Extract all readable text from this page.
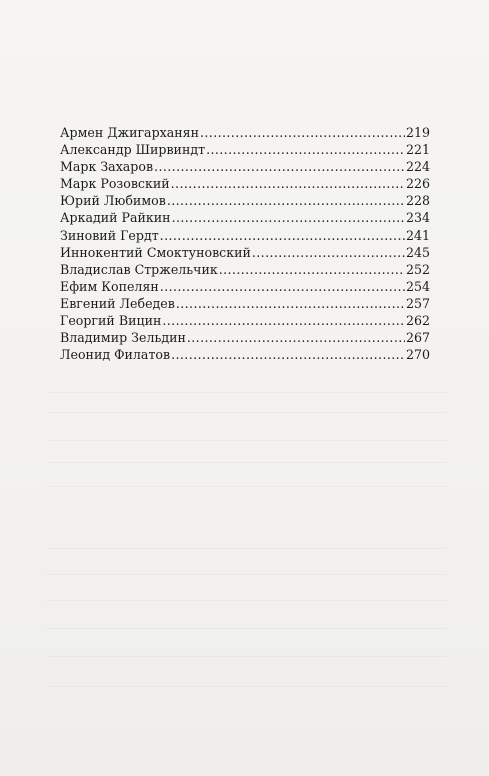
Армен Джигарханян .....	219
Александр Ширвиндт .....	221
Марк Захаров .....	224
Марк Розовский .....	226
Юрий Любимов .....	228
Аркадий Райкин .....	234
Зиновий Гердт .....	241
Иннокентий Смоктуновский .....	245
Владислав Стржельчик .....	252
Ефим Копелян .....	254
Евгений Лебедев .....	257
Георгий Вицин .....	262
Владимир Зельдин .....	267
Леонид Филатов .....	270
